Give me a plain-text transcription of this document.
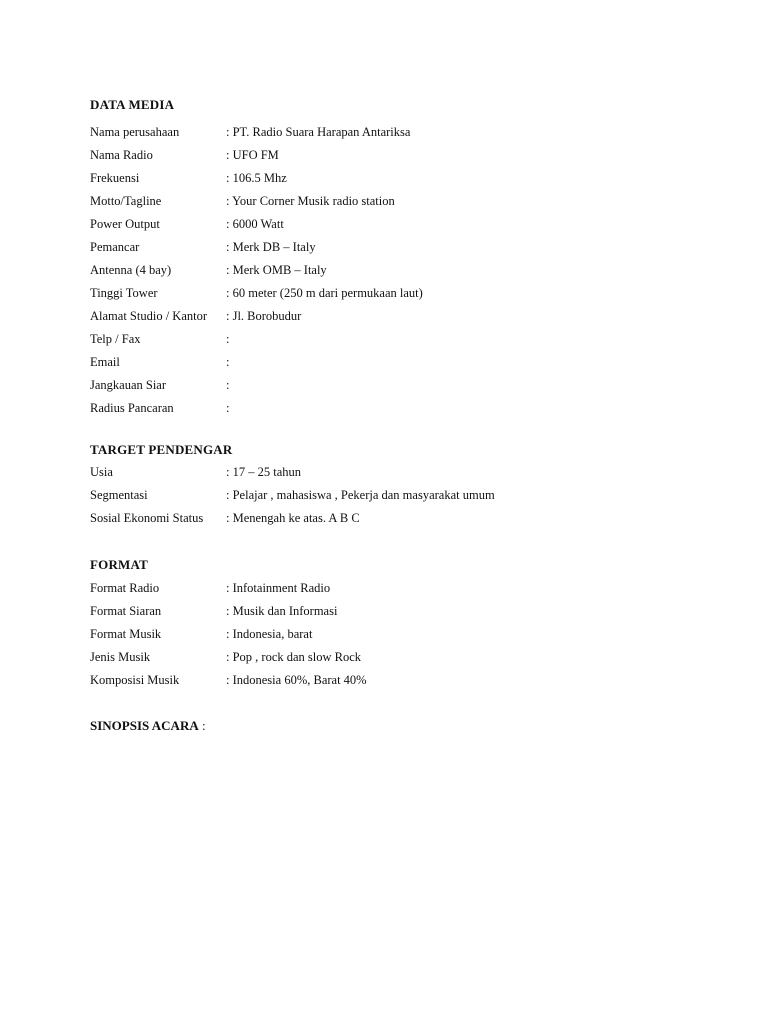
DATA MEDIA
Nama perusahaan	: PT. Radio Suara Harapan Antariksa
Nama Radio	: UFO FM
Frekuensi	: 106.5 Mhz
Motto/Tagline	: Your Corner Musik radio station
Power Output	: 6000 Watt
Pemancar	: Merk DB – Italy
Antenna (4 bay)	: Merk OMB – Italy
Tinggi Tower	: 60 meter (250 m dari permukaan laut)
Alamat Studio / Kantor	: Jl. Borobudur
Telp / Fax	:
Email	:
Jangkauan Siar	:
Radius Pancaran	:
TARGET PENDENGAR
Usia	: 17 – 25 tahun
Segmentasi	: Pelajar , mahasiswa , Pekerja dan masyarakat umum
Sosial Ekonomi Status	: Menengah ke atas. A B C
FORMAT
Format Radio	: Infotainment Radio
Format Siaran	: Musik dan Informasi
Format Musik	: Indonesia, barat
Jenis Musik	: Pop , rock dan slow Rock
Komposisi Musik	: Indonesia 60%, Barat 40%
SINOPSIS ACARA :
